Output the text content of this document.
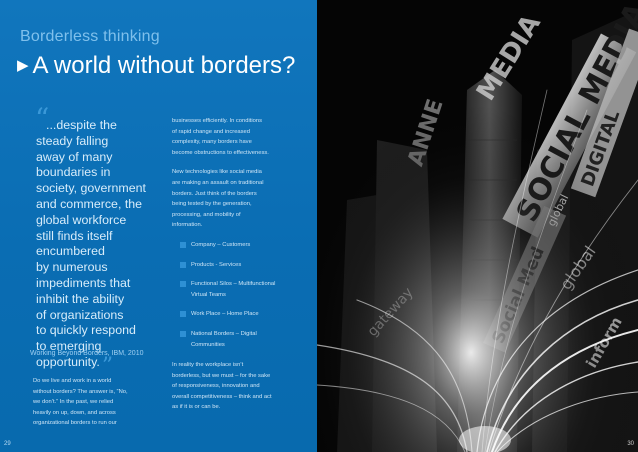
Borderless thinking
▶ A world without borders?
“
...despite the
steady falling
away of many
boundaries in
society, government
and commerce, the
global workforce
still finds itself
encumbered
by numerous
impediments that
inhibit the ability
of organizations
to quickly respond
to emerging
opportunity.”
Working Beyond Borders, IBM, 2010
Do we live and work in a world
without borders? The answer is, “No,
we don’t.” In the past, we relied
heavily on up, down, and across
organizational borders to run our
businesses efficiently. In conditions
of rapid change and increased
complexity, many borders have
become obstructions to effectiveness.
New technologies like social media
are making an assault on traditional
borders. Just think of the borders
being tested by the generation,
processing, and mobility of
information.
Company – Customers
Products - Services
Functional Silos – Multifunctional
Virtual Teams
Work Place – Home Place
National Borders – Digital
Communities
In reality the workplace isn’t
borderless, but we must – for the sake
of responsiveness, innovation and
overall competitiveness – think and act
as if it is or can be.
29	30
